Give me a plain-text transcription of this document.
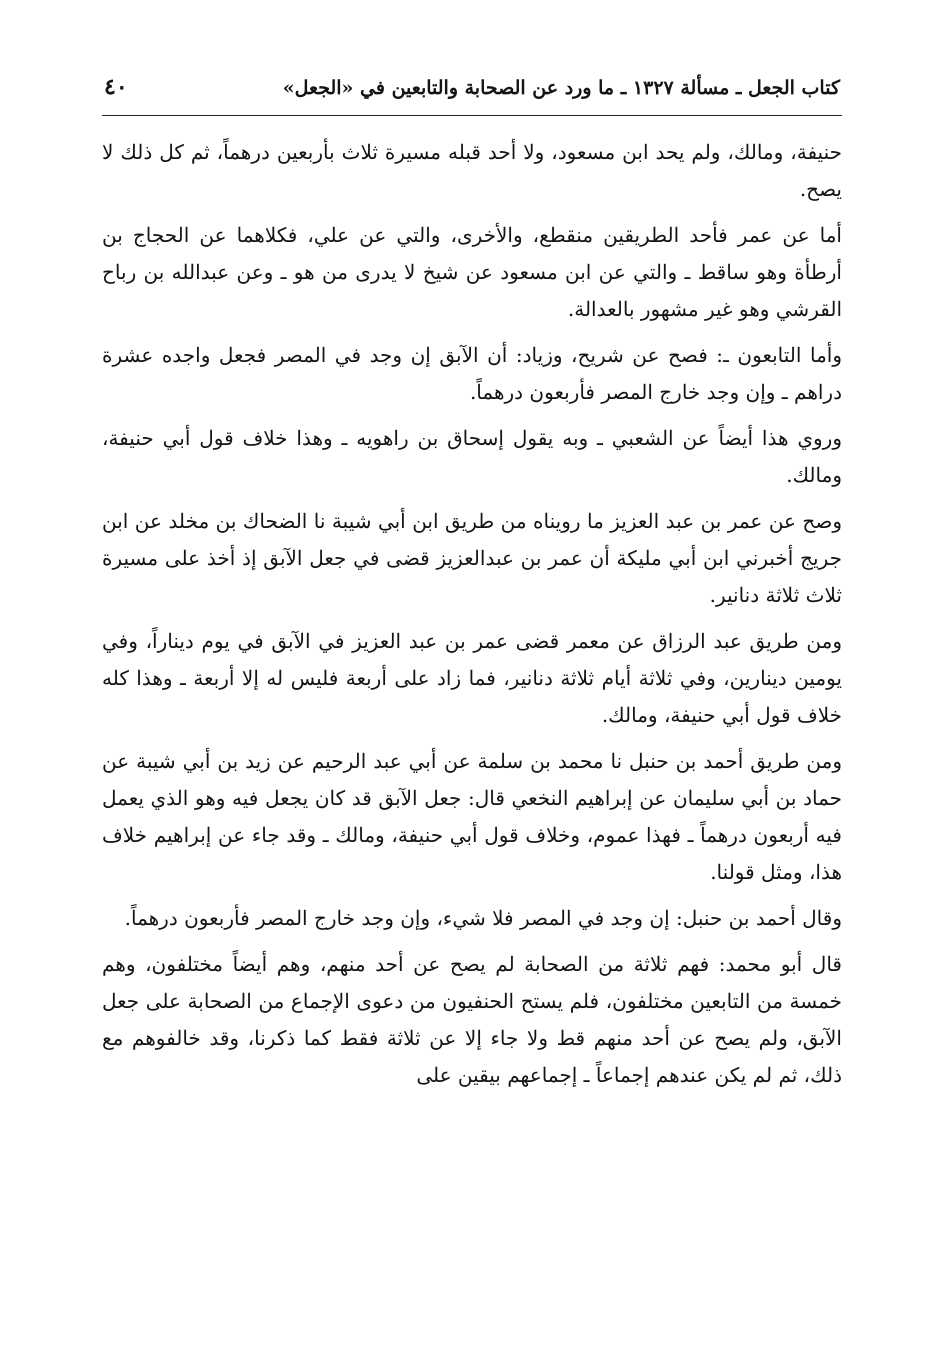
كتاب الجعل ـ مسألة ١٣٢٧ ـ ما ورد عن الصحابة والتابعين في «الجعل»
٤٠

حنيفة، ومالك، ولم يحد ابن مسعود، ولا أحد قبله مسيرة ثلاث بأربعين درهماً، ثم كل ذلك لا يصح.

أما عن عمر فأحد الطريقين منقطع، والأخرى، والتي عن علي، فكلاهما عن الحجاج بن أرطأة وهو ساقط ـ والتي عن ابن مسعود عن شيخ لا يدرى من هو ـ وعن عبدالله بن رباح القرشي وهو غير مشهور بالعدالة.

وأما التابعون ـ: فصح عن شريح، وزياد: أن الآبق إن وجد في المصر فجعل واجده عشرة دراهم ـ وإن وجد خارج المصر فأربعون درهماً.

وروي هذا أيضاً عن الشعبي ـ وبه يقول إسحاق بن راهويه ـ وهذا خلاف قول أبي حنيفة، ومالك.

وصح عن عمر بن عبد العزيز ما رويناه من طريق ابن أبي شيبة نا الضحاك بن مخلد عن ابن جريج أخبرني ابن أبي مليكة أن عمر بن عبدالعزيز قضى في جعل الآبق إذ أخذ على مسيرة ثلاث ثلاثة دنانير.

ومن طريق عبد الرزاق عن معمر قضى عمر بن عبد العزيز في الآبق في يوم ديناراً، وفي يومين دينارين، وفي ثلاثة أيام ثلاثة دنانير، فما زاد على أربعة فليس له إلا أربعة ـ وهذا كله خلاف قول أبي حنيفة، ومالك.

ومن طريق أحمد بن حنبل نا محمد بن سلمة عن أبي عبد الرحيم عن زيد بن أبي شيبة عن حماد بن أبي سليمان عن إبراهيم النخعي قال: جعل الآبق قد كان يجعل فيه وهو الذي يعمل فيه أربعون درهماً ـ فهذا عموم، وخلاف قول أبي حنيفة، ومالك ـ وقد جاء عن إبراهيم خلاف هذا، ومثل قولنا.

وقال أحمد بن حنبل: إن وجد في المصر فلا شيء، وإن وجد خارج المصر فأربعون درهماً.

قال أبو محمد: فهم ثلاثة من الصحابة لم يصح عن أحد منهم، وهم أيضاً مختلفون، وهم خمسة من التابعين مختلفون، فلم يستح الحنفيون من دعوى الإجماع من الصحابة على جعل الآبق، ولم يصح عن أحد منهم قط ولا جاء إلا عن ثلاثة فقط كما ذكرنا، وقد خالفوهم مع ذلك، ثم لم يكن عندهم إجماعاً ـ إجماعهم بيقين على
